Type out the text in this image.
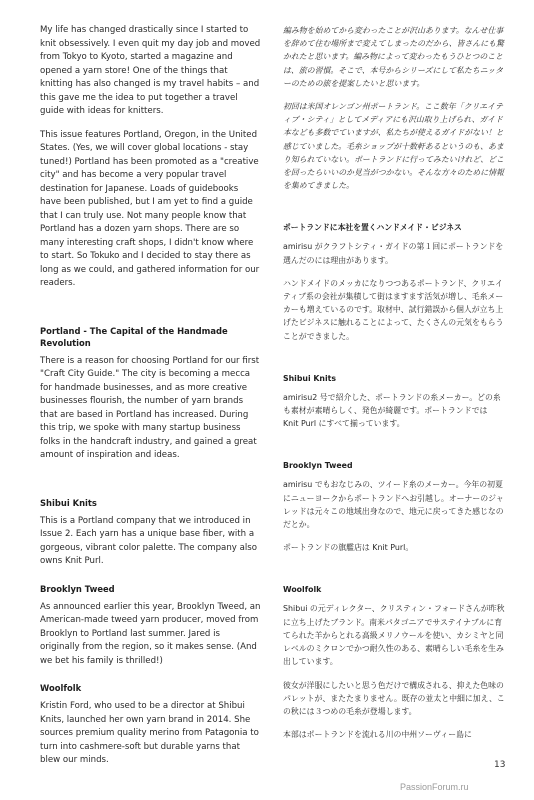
My life has changed drastically since I started to knit obsessively. I even quit my day job and moved from Tokyo to Kyoto, started a magazine and opened a yarn store! One of the things that knitting has also changed is my travel habits – and this gave me the idea to put together a travel guide with ideas for knitters.

This issue features Portland, Oregon, in the United States. (Yes, we will cover global locations - stay tuned!) Portland has been promoted as a "creative city" and has become a very popular travel destination for Japanese. Loads of guidebooks have been published, but I am yet to find a guide that I can truly use. Not many people know that Portland has a dozen yarn shops. There are so many interesting craft shops, I didn't know where to start. So Tokuko and I decided to stay there as long as we could, and gathered information for our readers.

Portland - The Capital of the Handmade Revolution

There is a reason for choosing Portland for our first "Craft City Guide." The city is becoming a mecca for handmade businesses, and as more creative businesses flourish, the number of yarn brands that are based in Portland has increased. During this trip, we spoke with many startup business folks in the handcraft industry, and gained a great amount of inspiration and ideas.

Shibui Knits

This is a Portland company that we introduced in Issue 2. Each yarn has a unique base fiber, with a gorgeous, vibrant color palette. The company also owns Knit Purl.

Brooklyn Tweed

As announced earlier this year, Brooklyn Tweed, an American-made tweed yarn producer, moved from Brooklyn to Portland last summer. Jared is originally from the region, so it makes sense. (And we bet his family is thrilled!)

Woolfolk

Kristin Ford, who used to be a director at Shibui Knits, launched her own yarn brand in 2014. She sources premium quality merino from Patagonia to turn into cashmere-soft but durable yarns that blew our minds.

編み物を始めてから変わったことが沢山あります。なんせ仕事を辞めて住む場所まで変えてしまったのだから、皆さんにも驚かれたと思います。編み物によって変わったもうひとつのことは、旅の習慣。そこで、本号からシリーズにして私たちニッターのための旅を提案したいと思います。

初回は米国オレンゴン州ポートランド。ここ数年「クリエイティブ・シティ」としてメディアにも沢山取り上げられ、ガイド本なども多数でていますが、私たちが使えるガイドがない！と感じていました。毛糸ショップが十数軒あるというのも、あまり知られていない。ポートランドに行ってみたいけれど、どこを回ったらいいのか見当がつかない。そんな方々のために情報を集めてきました。

ポートランドに本社を置くハンドメイド・ビジネス

amirisu がクラフトシティ・ガイドの第１回にポートランドを選んだのには理由があります。

ハンドメイドのメッカになりつつあるポートランド、クリエイティブ系の会社が集積して街はますます活気が増し、毛糸メーカーも増えているのです。取材中、試行錯誤から個人が立ち上げたビジネスに触れることによって、たくさんの元気をもらうことができました。

Shibui Knits

amirisu2 号で紹介した、ポートランドの糸メーカー。どの糸も素材が素晴らしく、発色が綺麗です。ポートランドでは Knit Purl にすべて揃っています。

Brooklyn Tweed

amirisu でもおなじみの、ツイード糸のメーカー。今年の初夏にニューヨークからポートランドへお引越し。オーナーのジャレッドは元々この地域出身なので、地元に戻ってきた感じなのだとか。

ポートランドの旗艦店は Knit Purl。

Woolfolk

Shibui の元ディレクター、クリスティン・フォードさんが昨秋に立ち上げたブランド。南米パタゴニアでサステイナブルに育てられた羊からとれる高級メリノウールを使い、カシミヤと同レベルのミクロンでかつ耐久性のある、素晴らしい毛糸を生み出しています。

彼女が洋服にしたいと思う色だけで構成される、抑えた色味のパレットが、またたまりません。既存の並太と中細に加え、この秋には３つめの毛糸が登場します。

本部はポートランドを流れる川の中州ソーヴィー島に

13
PassionForum.ru
